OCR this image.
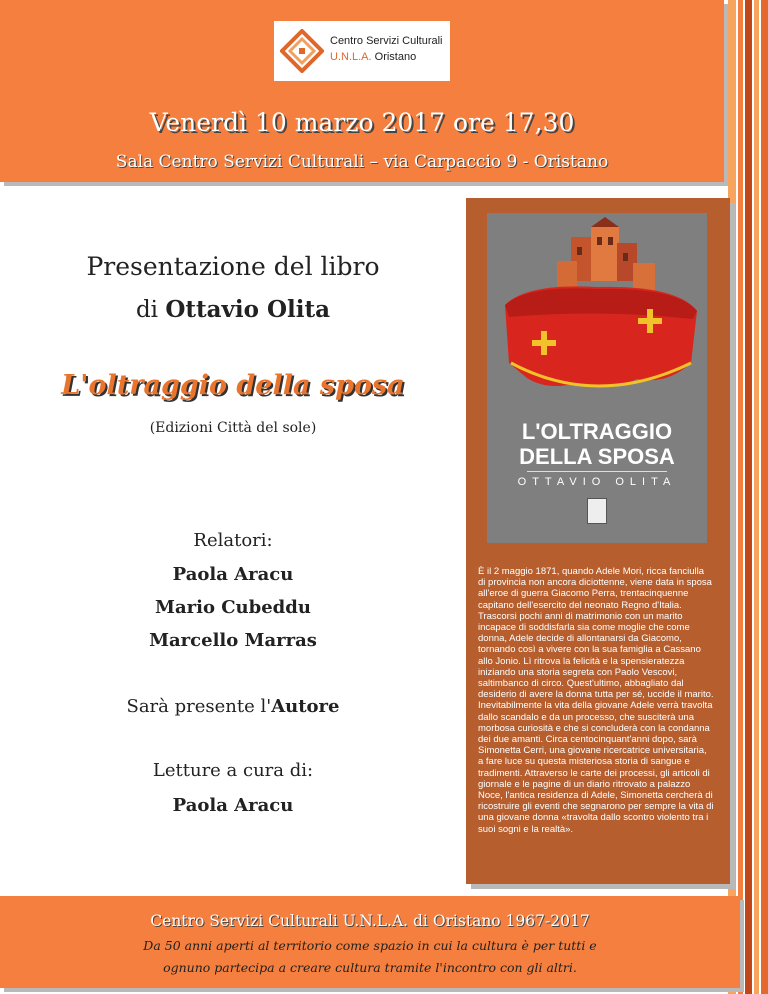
Centro Servizi Culturali
U.N.L.A. Oristano
Venerdì 10 marzo 2017 ore 17,30
Sala Centro Servizi Culturali – via Carpaccio 9 - Oristano
Presentazione del libro
di Ottavio Olita
L'oltraggio della sposa
(Edizioni Città del sole)
Relatori:
Paola Aracu
Mario Cubeddu
Marcello Marras
Sarà presente l'Autore
Letture a cura di:
Paola Aracu
L'OLTRAGGIO
DELLA SPOSA
OTTAVIO OLITA
È il 2 maggio 1871, quando Adele Mori, ricca fanciulla di provincia non ancora diciottenne, viene data in sposa all'eroe di guerra Giacomo Perra, trentacinquenne capitano dell'esercito del neonato Regno d'Italia. Trascorsi pochi anni di matrimonio con un marito incapace di soddisfarla sia come moglie che come donna, Adele decide di allontanarsi da Giacomo, tornando così a vivere con la sua famiglia a Cassano allo Jonio. Lì ritrova la felicità e la spensieratezza iniziando una storia segreta con Paolo Vescovi, saltimbanco di circo. Quest'ultimo, abbagliato dal desiderio di avere la donna tutta per sé, uccide il marito. Inevitabilmente la vita della giovane Adele verrà travolta dallo scandalo e da un processo, che susciterà una morbosa curiosità e che si concluderà con la condanna dei due amanti. Circa centocinquant'anni dopo, sarà Simonetta Cerri, una giovane ricercatrice universitaria, a fare luce su questa misteriosa storia di sangue e tradimenti. Attraverso le carte dei processi, gli articoli di giornale e le pagine di un diario ritrovato a palazzo Noce, l'antica residenza di Adele, Simonetta cercherà di ricostruire gli eventi che segnarono per sempre la vita di una giovane donna «travolta dallo scontro violento tra i suoi sogni e la realtà».
Centro Servizi Culturali U.N.L.A. di Oristano 1967-2017
Da 50 anni aperti al territorio come spazio in cui la cultura è per tutti e
ognuno partecipa a creare cultura tramite l'incontro con gli altri.
